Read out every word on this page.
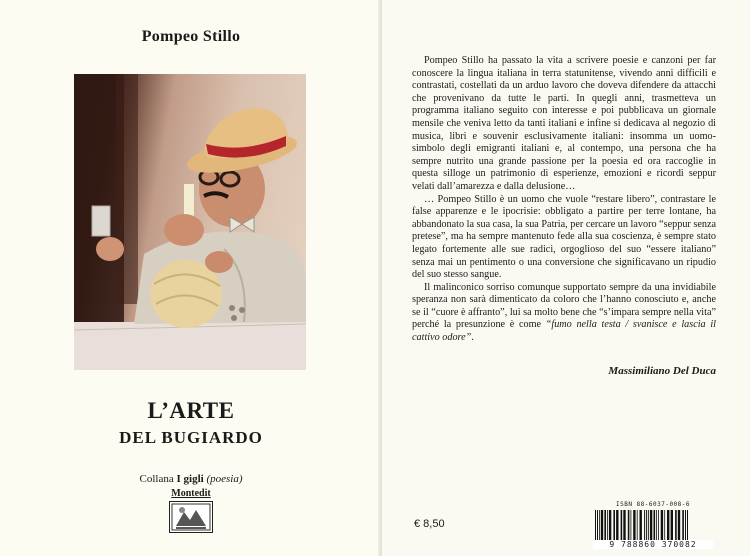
Pompeo Stillo
L’ARTE
DEL BUGIARDO
Collana I gigli (poesia)
Montedit

Pompeo Stillo ha passato la vita a scrivere poesie e canzoni per far conoscere la lingua italiana in terra statunitense, vivendo anni difficili e contrastati, costellati da un arduo lavoro che doveva difendere da attacchi che provenivano da tutte le parti. In quegli anni, trasmetteva un programma italiano seguito con interesse e poi pubblicava un giornale mensile che veniva letto da tanti italiani e infine si dedicava al negozio di musica, libri e souvenir esclusivamente italiani: insomma un uomo-simbolo degli emigranti italiani e, al contempo, una persona che ha sempre nutrito una grande passione per la poesia ed ora raccoglie in questa silloge un patrimonio di esperienze, emozioni e ricordi seppur velati dall’amarezza e dalla delusione…

… Pompeo Stillo è un uomo che vuole “restare libero”, contrastare le false apparenze e le ipocrisie: obbligato a partire per terre lontane, ha abbandonato la sua casa, la sua Patria, per cercare un lavoro “seppur senza pretese”, ma ha sempre mantenuto fede alla sua coscienza, è sempre stato legato fortemente alle sue radici, orgoglioso del suo “essere italiano” senza mai un pentimento o una conversione che significavano un ripudio del suo stesso sangue.

Il malinconico sorriso comunque supportato sempre da una invidiabile speranza non sarà dimenticato da coloro che l’hanno conosciuto e, anche se il “cuore è affranto”, lui sa molto bene che “s’impara sempre nella vita” perché la presunzione è come “fumo nella testa / svanisce e lascia il cattivo odore”.

Massimiliano Del Duca
€ 8,50
ISBN 88-6037-008-6
9 788860 370082
